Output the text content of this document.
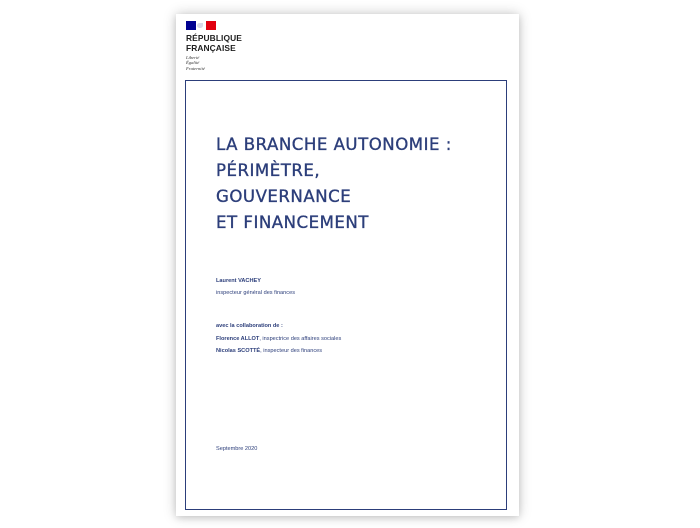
RÉPUBLIQUE
FRANÇAISE
Liberté
Égalité
Fraternité
LA BRANCHE AUTONOMIE :
PÉRIMÈTRE,
GOUVERNANCE
ET FINANCEMENT
Laurent VACHEY
inspecteur général des finances
avec la collaboration de :
Florence ALLOT, inspectrice des affaires sociales
Nicolas SCOTTÉ, inspecteur des finances
Septembre 2020
